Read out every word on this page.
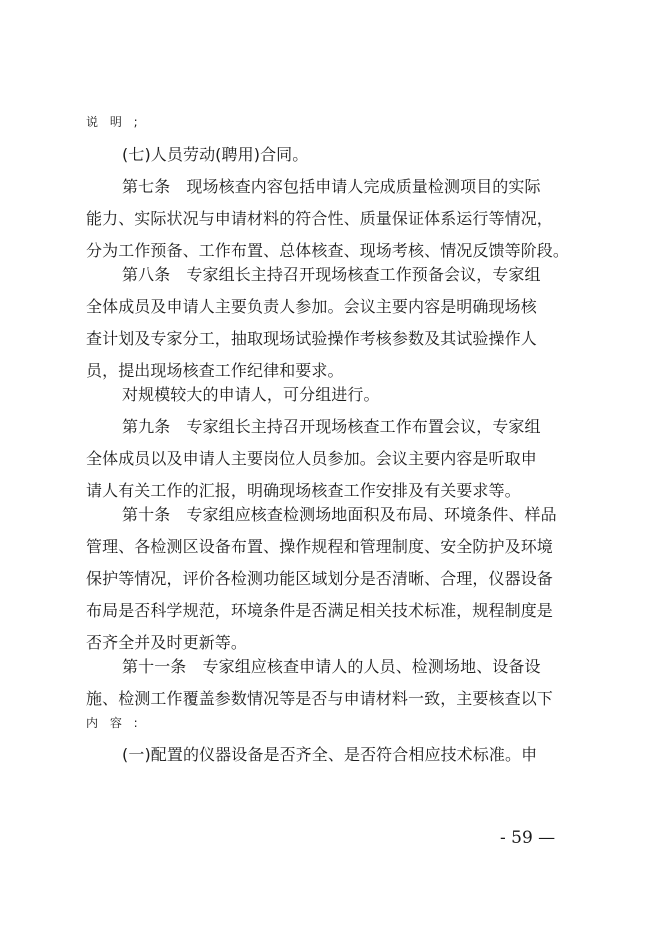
说 明 ;
(七)人员劳动(聘用)合同。
第七条　现场核查内容包括申请人完成质量检测项目的实际
能力、实际状况与申请材料的符合性、质量保证体系运行等情况，
分为工作预备、工作布置、总体核查、现场考核、情况反馈等阶段。
第八条　专家组长主持召开现场核查工作预备会议，专家组
全体成员及申请人主要负责人参加。会议主要内容是明确现场核
查计划及专家分工，抽取现场试验操作考核参数及其试验操作人
员，提出现场核查工作纪律和要求。
对规模较大的申请人，可分组进行。
第九条　专家组长主持召开现场核查工作布置会议，专家组
全体成员以及申请人主要岗位人员参加。会议主要内容是听取申
请人有关工作的汇报，明确现场核查工作安排及有关要求等。
第十条　专家组应核查检测场地面积及布局、环境条件、样品
管理、各检测区设备布置、操作规程和管理制度、安全防护及环境
保护等情况，评价各检测功能区域划分是否清晰、合理，仪器设备
布局是否科学规范，环境条件是否满足相关技术标准，规程制度是
否齐全并及时更新等。
第十一条　专家组应核查申请人的人员、检测场地、设备设
施、检测工作覆盖参数情况等是否与申请材料一致，主要核查以下
内 容 :
(一)配置的仪器设备是否齐全、是否符合相应技术标准。申
- 59 —
